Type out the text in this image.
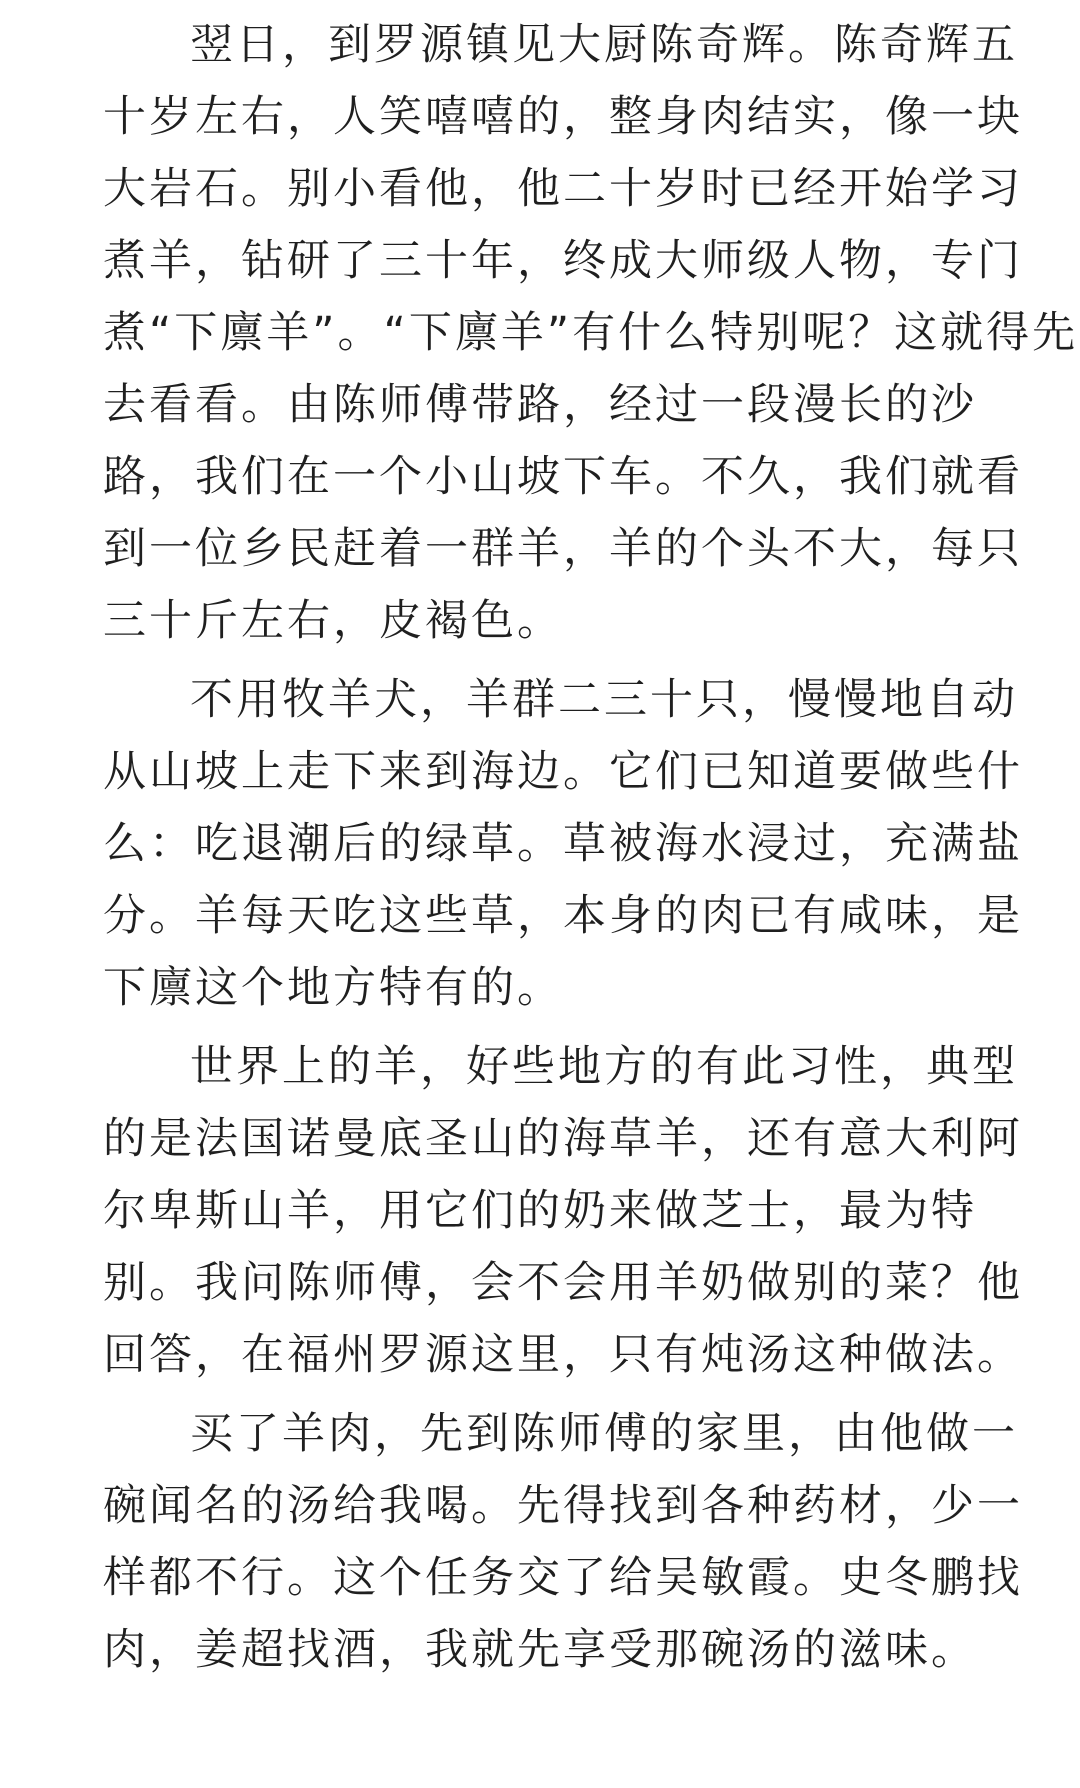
翌日，到罗源镇见大厨陈奇辉。陈奇辉五
十岁左右，人笑嘻嘻的，整身肉结实，像一块
大岩石。别小看他，他二十岁时已经开始学习
煮羊，钻研了三十年，终成大师级人物，专门
煮“下廪羊”。“下廪羊”有什么特别呢？这就得先
去看看。由陈师傅带路，经过一段漫长的沙
路，我们在一个小山坡下车。不久，我们就看
到一位乡民赶着一群羊，羊的个头不大，每只
三十斤左右，皮褐色。
不用牧羊犬，羊群二三十只，慢慢地自动
从山坡上走下来到海边。它们已知道要做些什
么：吃退潮后的绿草。草被海水浸过，充满盐
分。羊每天吃这些草，本身的肉已有咸味，是
下廪这个地方特有的。
世界上的羊，好些地方的有此习性，典型
的是法国诺曼底圣山的海草羊，还有意大利阿
尔卑斯山羊，用它们的奶来做芝士，最为特
别。我问陈师傅，会不会用羊奶做别的菜？他
回答，在福州罗源这里，只有炖汤这种做法。
买了羊肉，先到陈师傅的家里，由他做一
碗闻名的汤给我喝。先得找到各种药材，少一
样都不行。这个任务交了给吴敏霞。史冬鹏找
肉，姜超找酒，我就先享受那碗汤的滋味。
